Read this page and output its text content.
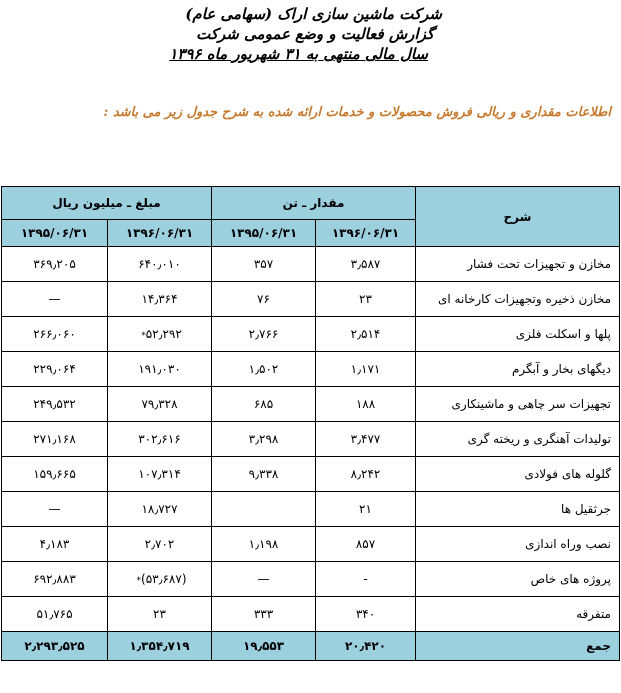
شرکت ماشین سازی اراک (سهامی عام)
گزارش فعالیت و وضع عمومی شرکت
سال مالی منتهی به ۳۱ شهریور ماه ۱۳۹۶
اطلاعات مقداری و ریالی فروش محصولات و خدمات ارائه شده به شرح جدول زیر می باشد :
شرح	مقدار ـ تن		مبلغ ـ میلیون ریال	
	۱۳۹۶/۰۶/۳۱	۱۳۹۵/۰۶/۳۱	۱۳۹۶/۰۶/۳۱	۱۳۹۵/۰۶/۳۱
مخازن و تجهیزات تحت فشار	۳٫۵۸۷	۳۵۷	۶۴۰٫۰۱۰	۳۶۹٫۲۰۵
مخازن ذخیره وتجهیزات کارخانه ای	۲۳	۷۶	۱۴٫۳۶۴	—
پلها و اسکلت فلزی	۲٫۵۱۴	۲٫۷۶۶	۵۲٫۲۹۲*	۲۶۶٫۰۶۰
دیگهای بخار و آبگرم	۱٫۱۷۱	۱٫۵۰۲	۱۹۱٫۰۳۰	۲۲۹٫۰۶۴
تجهیزات سر چاهی و ماشینکاری	۱۸۸	۶۸۵	۷۹٫۳۲۸	۲۴۹٫۵۳۲
تولیدات آهنگری و ریخته گری	۳٫۴۷۷	۳٫۲۹۸	۳۰۲٫۶۱۶	۲۷۱٫۱۶۸
گلوله های فولادی	۸٫۲۴۲	۹٫۳۳۸	۱۰۷٫۳۱۴	۱۵۹٫۶۶۵
جرثقیل ها	۲۱		۱۸٫۷۲۷	—
نصب وراه اندازی	۸۵۷	۱٫۱۹۸	۲٫۷۰۲	۴٫۱۸۳
پروژه های خاص	-	—	(۵۳٫۶۸۷)*	۶۹۲٫۸۸۳
متفرقه	۳۴۰	۳۳۳	۲۳	۵۱٫۷۶۵
جمع	۲۰٫۴۲۰	۱۹٫۵۵۳	۱٫۳۵۴٫۷۱۹	۲٫۲۹۳٫۵۲۵
